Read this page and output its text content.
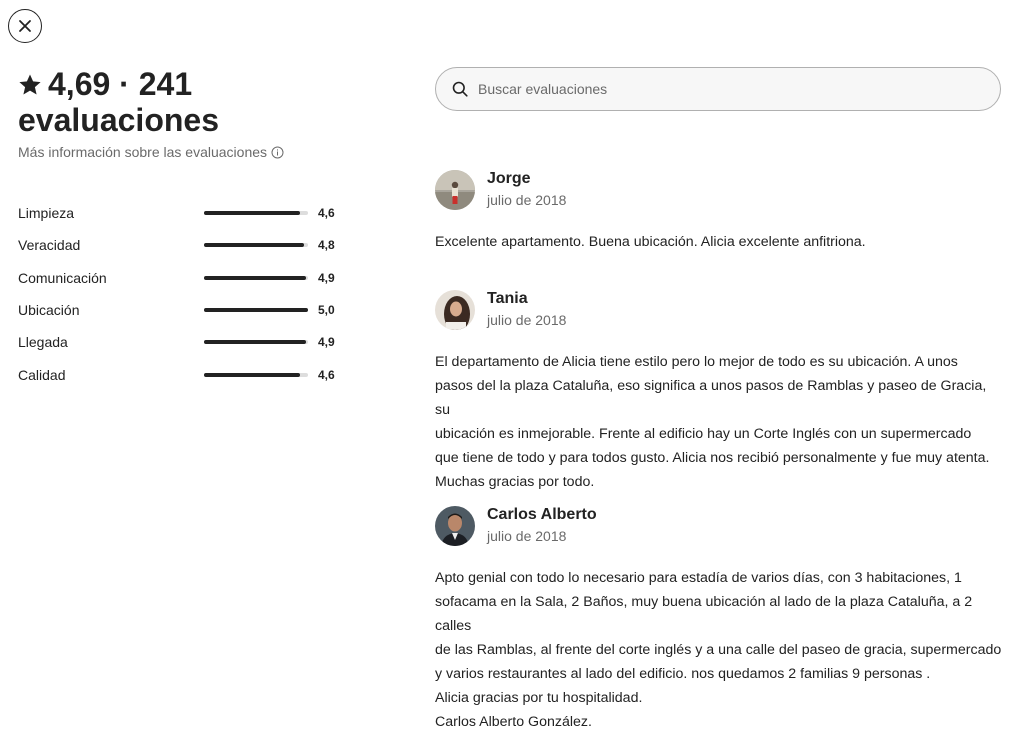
4,69 · 241
evaluaciones
Más información sobre las evaluaciones
Limpieza	4,6
Veracidad	4,8
Comunicación	4,9
Ubicación	5,0
Llegada	4,9
Calidad	4,6
Buscar evaluaciones
Jorge
julio de 2018
Excelente apartamento. Buena ubicación. Alicia excelente anfitriona.
Tania
julio de 2018
El departamento de Alicia tiene estilo pero lo mejor de todo es su ubicación. A unos
pasos del la plaza Cataluña, eso significa a unos pasos de Ramblas y paseo de Gracia, su
ubicación es inmejorable. Frente al edificio hay un Corte Inglés con un supermercado
que tiene de todo y para todos gusto. Alicia nos recibió personalmente y fue muy atenta.
Muchas gracias por todo.
Carlos Alberto
julio de 2018
Apto genial con todo lo necesario para estadía de varios días, con 3 habitaciones, 1
sofacama en la Sala, 2 Baños, muy buena ubicación al lado de la plaza Cataluña, a 2 calles
de las Ramblas, al frente del corte inglés y a una calle del paseo de gracia, supermercado
y varios restaurantes al lado del edificio. nos quedamos 2 familias 9 personas .
Alicia gracias por tu hospitalidad.
Carlos Alberto González.
